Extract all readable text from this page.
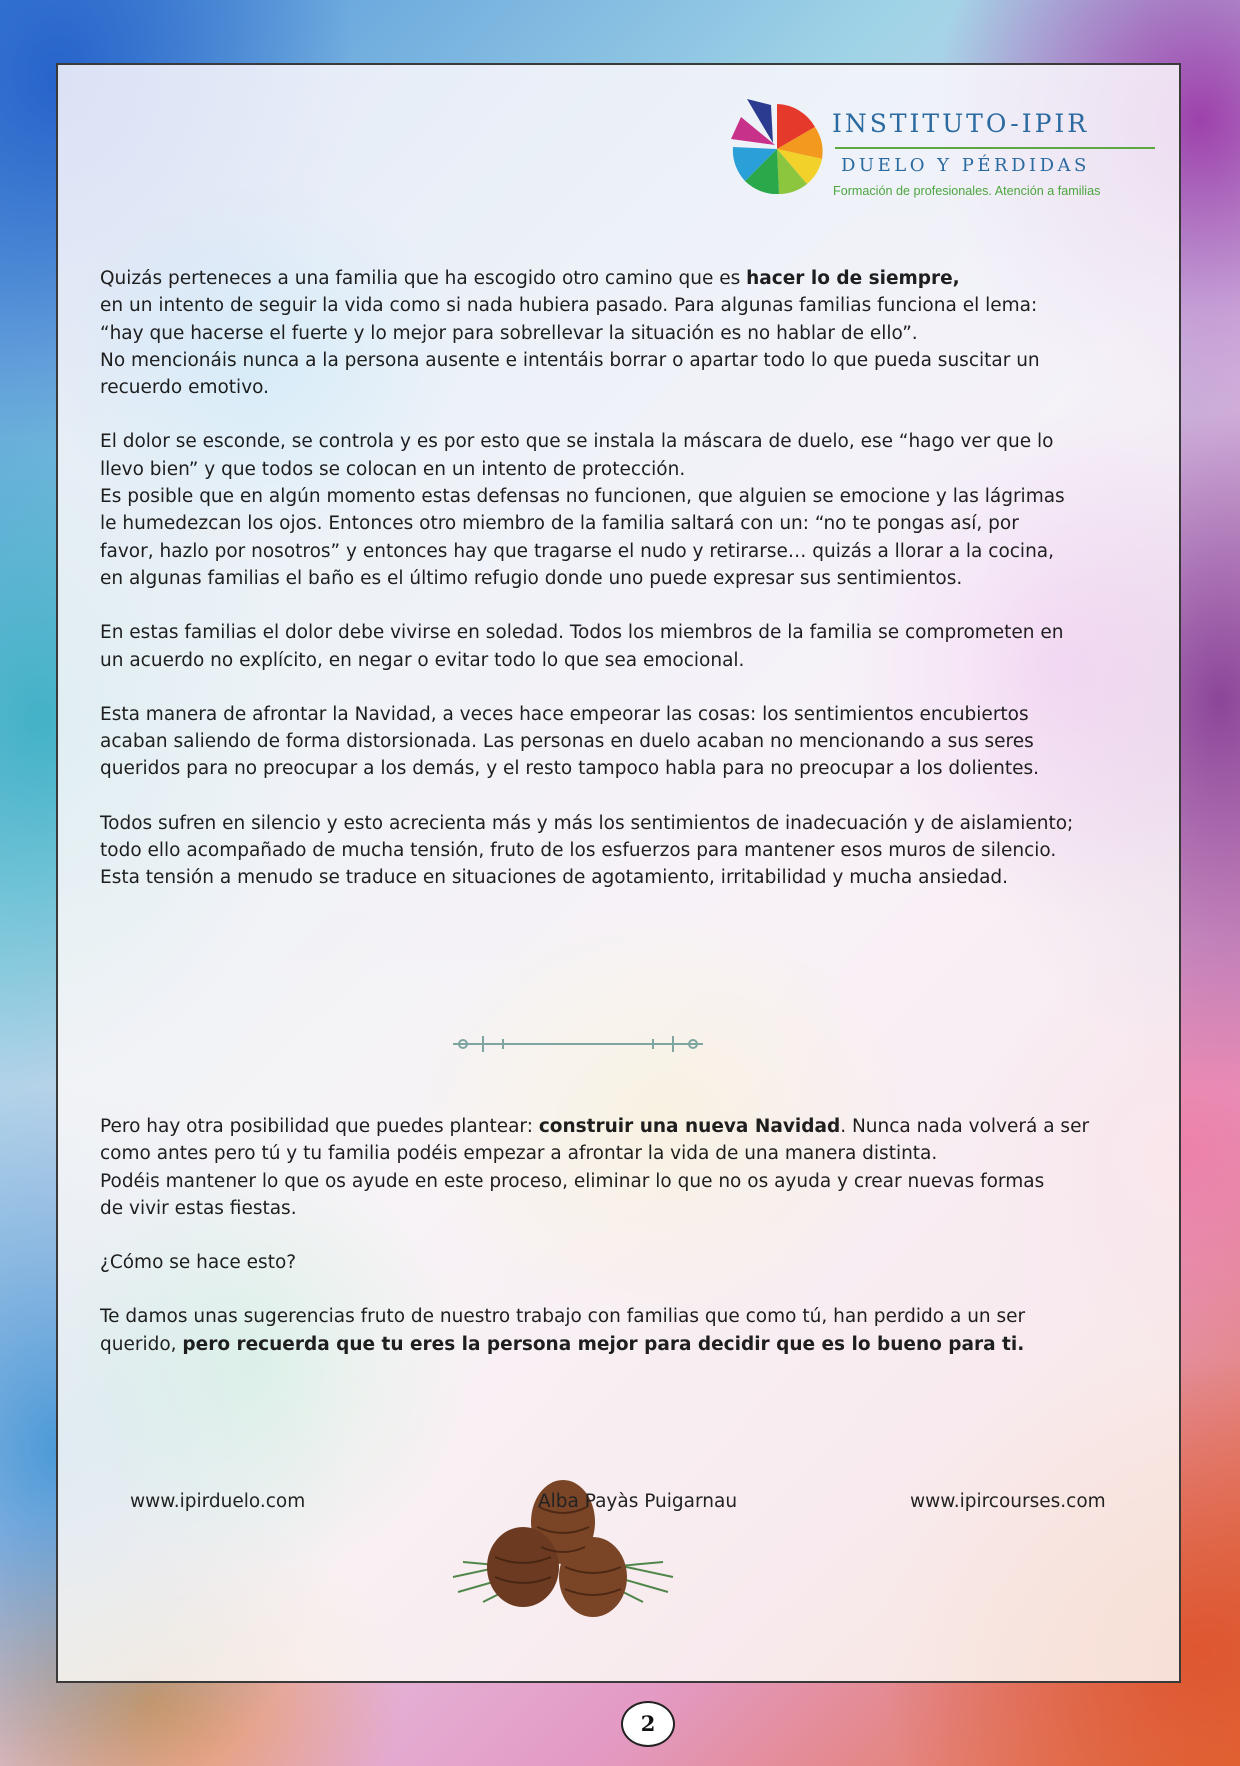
INSTITUTO-IPIR
DUELO Y PÉRDIDAS
Formación de profesionales. Atención a familias

Quizás perteneces a una familia que ha escogido otro camino que es hacer lo de siempre,
en un intento de seguir la vida como si nada hubiera pasado. Para algunas familias funciona el lema:
“hay que hacerse el fuerte y lo mejor para sobrellevar la situación es no hablar de ello”.
No mencionáis nunca a la persona ausente e intentáis borrar o apartar todo lo que pueda suscitar un
recuerdo emotivo.

El dolor se esconde, se controla y es por esto que se instala la máscara de duelo, ese “hago ver que lo
llevo bien” y que todos se colocan en un intento de protección.
Es posible que en algún momento estas defensas no funcionen, que alguien se emocione y las lágrimas
le humedezcan los ojos. Entonces otro miembro de la familia saltará con un: “no te pongas así, por
favor, hazlo por nosotros” y entonces hay que tragarse el nudo y retirarse… quizás a llorar a la cocina,
en algunas familias el baño es el último refugio donde uno puede expresar sus sentimientos.

En estas familias el dolor debe vivirse en soledad. Todos los miembros de la familia se comprometen en
un acuerdo no explícito, en negar o evitar todo lo que sea emocional.

Esta manera de afrontar la Navidad, a veces hace empeorar las cosas: los sentimientos encubiertos
acaban saliendo de forma distorsionada. Las personas en duelo acaban no mencionando a sus seres
queridos para no preocupar a los demás, y el resto tampoco habla para no preocupar a los dolientes.

Todos sufren en silencio y esto acrecienta más y más los sentimientos de inadecuación y de aislamiento;
todo ello acompañado de mucha tensión, fruto de los esfuerzos para mantener esos muros de silencio.
Esta tensión a menudo se traduce en situaciones de agotamiento, irritabilidad y mucha ansiedad.

Pero hay otra posibilidad que puedes plantear: construir una nueva Navidad. Nunca nada volverá a ser
como antes pero tú y tu familia podéis empezar a afrontar la vida de una manera distinta.
Podéis mantener lo que os ayude en este proceso, eliminar lo que no os ayuda y crear nuevas formas
de vivir estas fiestas.

¿Cómo se hace esto?

Te damos unas sugerencias fruto de nuestro trabajo con familias que como tú, han perdido a un ser
querido, pero recuerda que tu eres la persona mejor para decidir que es lo bueno para ti.

www.ipirduelo.com	Alba Payàs Puigarnau	www.ipircourses.com
2
